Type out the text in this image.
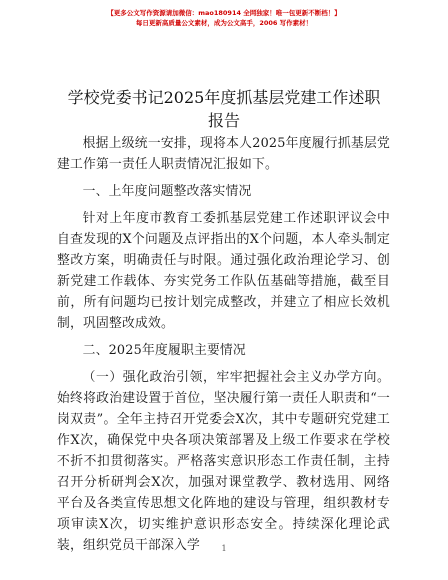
【更多公文写作资源请加微信：mao180914 全网独家！唯一包更新不断档！】
每日更新高质量公文素材，成为公文高手，2006 写作素材！
学校党委书记2025年度抓基层党建工作述职报告

根据上级统一安排，现将本人2025年度履行抓基层党建工作第一责任人职责情况汇报如下。

一、上年度问题整改落实情况

针对上年度市教育工委抓基层党建工作述职评议会中自查发现的X个问题及点评指出的X个问题，本人牵头制定整改方案，明确责任与时限。通过强化政治理论学习、创新党建工作载体、夯实党务工作队伍基础等措施，截至目前，所有问题均已按计划完成整改，并建立了相应长效机制，巩固整改成效。

二、2025年度履职主要情况

（一）强化政治引领，牢牢把握社会主义办学方向。始终将政治建设置于首位，坚决履行第一责任人职责和“一岗双责”。全年主持召开党委会X次，其中专题研究党建工作X次，确保党中央各项决策部署及上级工作要求在学校不折不扣贯彻落实。严格落实意识形态工作责任制，主持召开分析研判会X次，加强对课堂教学、教材选用、网络平台及各类宣传思想文化阵地的建设与管理，组织教材专项审读X次，切实维护意识形态安全。持续深化理论武装，组织党员干部深入学	1
